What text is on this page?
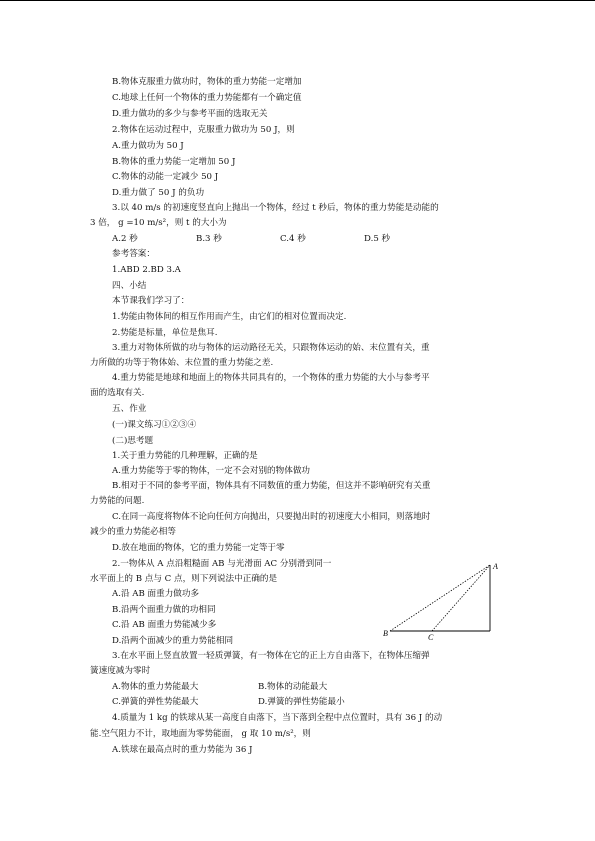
B.物体克服重力做功时，物体的重力势能一定增加
C.地球上任何一个物体的重力势能都有一个确定值
D.重力做功的多少与参考平面的选取无关
2.物体在运动过程中，克服重力做功为 50 J，则
A.重力做功为 50 J
B.物体的重力势能一定增加 50 J
C.物体的动能一定减少 50 J
D.重力做了 50 J 的负功
3.以 40 m/s 的初速度竖直向上抛出一个物体，经过 t 秒后，物体的重力势能是动能的
3 倍， g =10 m/s²，则 t 的大小为
A.2 秒	B.3 秒	C.4 秒	D.5 秒
参考答案：
1.ABD 2.BD 3.A
四、小结
本节课我们学习了：
1.势能由物体间的相互作用而产生，由它们的相对位置而决定.
2.势能是标量，单位是焦耳.
3.重力对物体所做的功与物体的运动路径无关，只跟物体运动的始、末位置有关，重
力所做的功等于物体始、末位置的重力势能之差.
4.重力势能是地球和地面上的物体共同具有的，一个物体的重力势能的大小与参考平
面的选取有关.
五、作业
(一)课文练习①②③④
(二)思考题
1.关于重力势能的几种理解，正确的是
A.重力势能等于零的物体，一定不会对别的物体做功
B.相对于不同的参考平面，物体具有不同数值的重力势能，但这并不影响研究有关重
力势能的问题.
C.在同一高度将物体不论向任何方向抛出，只要抛出时的初速度大小相同，则落地时
减少的重力势能必相等
D.放在地面的物体，它的重力势能一定等于零
2.一物体从 A 点沿粗糙面 AB 与光滑面 AC 分别滑到同一
水平面上的 B 点与 C 点，则下列说法中正确的是
A.沿 AB 面重力做功多
B.沿两个面重力做的功相同
C.沿 AB 面重力势能减少多
D.沿两个面减少的重力势能相同
3.在水平面上竖直放置一轻质弹簧，有一物体在它的正上方自由落下，在物体压缩弹
簧速度减为零时
A.物体的重力势能最大	B.物体的动能最大
C.弹簧的弹性势能最大	D.弹簧的弹性势能最小
4.质量为 1 kg 的铁球从某一高度自由落下，当下落到全程中点位置时，具有 36 J 的动
能.空气阻力不计，取地面为零势能面， g 取 10 m/s²，则
A.铁球在最高点时的重力势能为 36 J
A
B	C
